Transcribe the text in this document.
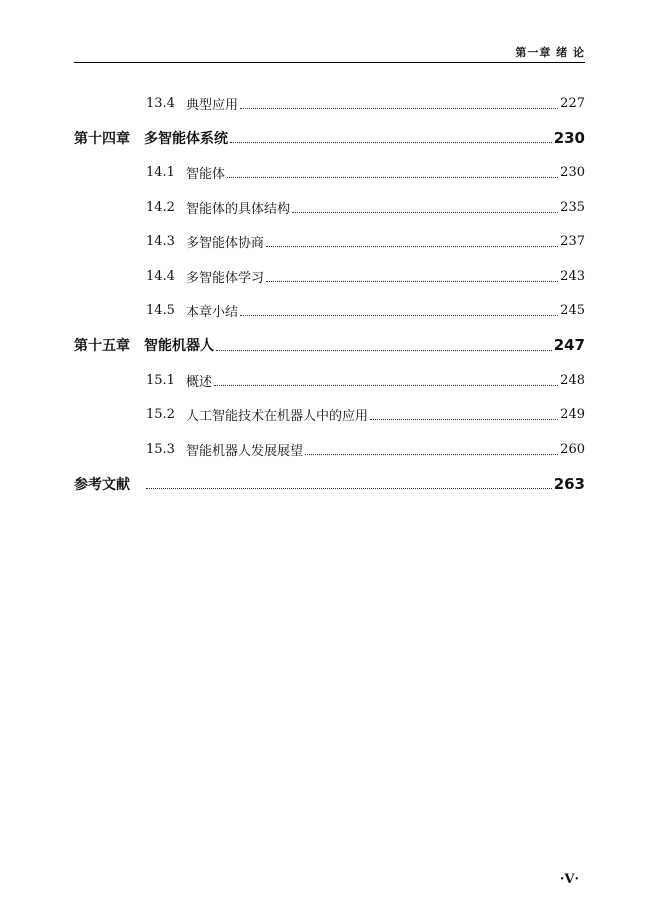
第一章 绪 论
13.4 典型应用	227
第十四章 多智能体系统	230
14.1 智能体	230
14.2 智能体的具体结构	235
14.3 多智能体协商	237
14.4 多智能体学习	243
14.5 本章小结	245
第十五章 智能机器人	247
15.1 概述	248
15.2 人工智能技术在机器人中的应用	249
15.3 智能机器人发展展望	260
参考文献	263
·V·
